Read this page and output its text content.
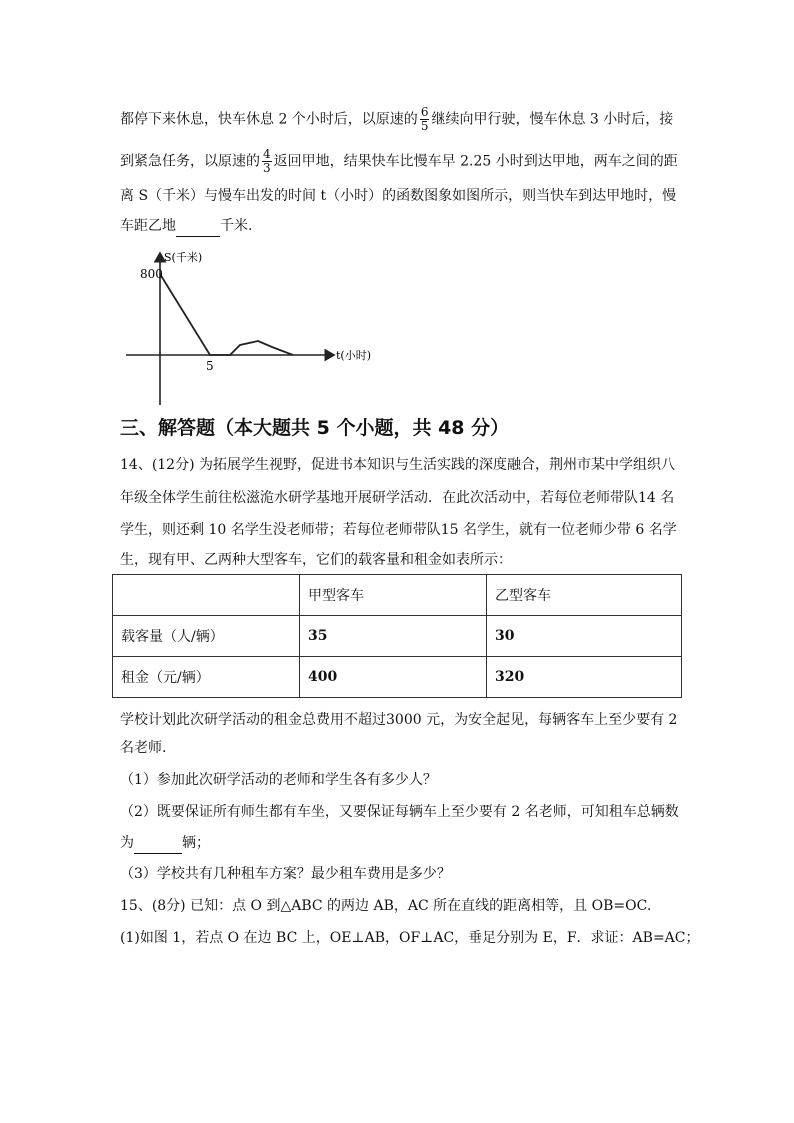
都停下来休息，快车休息 2 个小时后，以原速的 $\frac{6}{5}$ 继续向甲行驶，慢车休息 3 小时后，接
到紧急任务，以原速的 $\frac{4}{3}$ 返回甲地，结果快车比慢车早 2.25 小时到达甲地，两车之间的距
离 S（千米）与慢车出发的时间 t（小时）的函数图象如图所示，则当快车到达甲地时，慢
车距乙地	千米.
S(千米)
800
5
t(小时)
三、解答题（本大题共 5 个小题，共 48 分）
14、(12分) 为拓展学生视野，促进书本知识与生活实践的深度融合，荆州市某中学组织八
年级全体学生前往松滋洈水研学基地开展研学活动．在此次活动中，若每位老师带队14 名
学生，则还剩 10 名学生没老师带；若每位老师带队15 名学生，就有一位老师少带 6 名学
生，现有甲、乙两种大型客车，它们的载客量和租金如表所示：
	甲型客车	乙型客车
载客量（人/辆）	35	30
租金（元/辆）	400	320
学校计划此次研学活动的租金总费用不超过3000 元，为安全起见，每辆客车上至少要有 2
名老师.
（1）参加此次研学活动的老师和学生各有多少人？
（2）既要保证所有师生都有车坐，又要保证每辆车上至少要有 2 名老师，可知租车总辆数
为	辆；
（3）学校共有几种租车方案？最少租车费用是多少？
15、(8分) 已知：点 O 到△ABC 的两边 AB，AC 所在直线的距离相等，且 OB=OC.
(1)如图 1，若点 O 在边 BC 上，OE⊥AB，OF⊥AC，垂足分别为 E，F．求证：AB=AC；
